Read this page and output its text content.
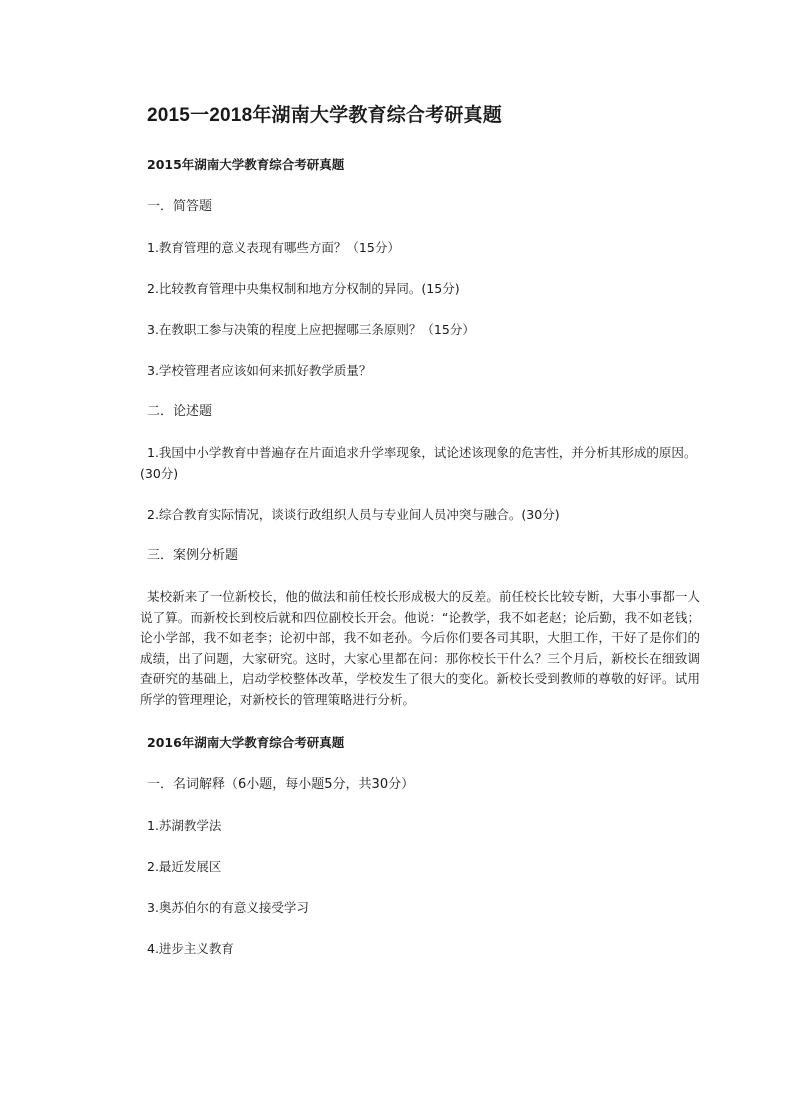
2015一2018年湖南大学教育综合考研真题
2015年湖南大学教育综合考研真题
一．简答题
1.教育管理的意义表现有哪些方面？（15分）
2.比较教育管理中央集权制和地方分权制的异同。(15分)
3.在教职工参与决策的程度上应把握哪三条原则？（15分）
3.学校管理者应该如何来抓好教学质量？
二．论述题
1.我国中小学教育中普遍存在片面追求升学率现象，试论述该现象的危害性，并分析其形成的原因。(30分)
2.综合教育实际情况，谈谈行政组织人员与专业间人员冲突与融合。(30分)
三．案例分析题
某校新来了一位新校长，他的做法和前任校长形成极大的反差。前任校长比较专断，大事小事都一人说了算。而新校长到校后就和四位副校长开会。他说：“论教学，我不如老赵；论后勤，我不如老钱；论小学部，我不如老李；论初中部，我不如老孙。今后你们要各司其职，大胆工作，干好了是你们的成绩，出了问题，大家研究。这时，大家心里都在问：那你校长干什么？三个月后，新校长在细致调查研究的基础上，启动学校整体改革，学校发生了很大的变化。新校长受到教师的尊敬的好评。试用所学的管理理论，对新校长的管理策略进行分析。
2016年湖南大学教育综合考研真题
一．名词解释（6小题，每小题5分，共30分）
1.苏湖教学法
2.最近发展区
3.奥苏伯尔的有意义接受学习
4.进步主义教育
